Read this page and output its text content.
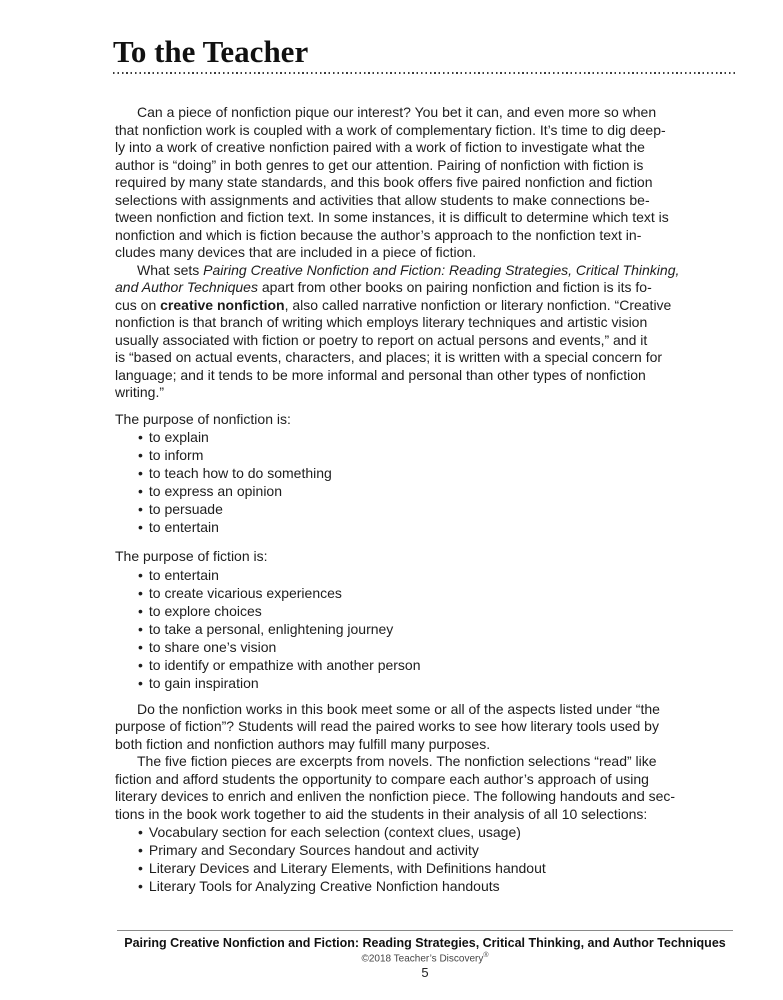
To the Teacher
Can a piece of nonfiction pique our interest? You bet it can, and even more so when
that nonfiction work is coupled with a work of complementary fiction. It’s time to dig deep-
ly into a work of creative nonfiction paired with a work of fiction to investigate what the
author is “doing” in both genres to get our attention. Pairing of nonfiction with fiction is
required by many state standards, and this book offers five paired nonfiction and fiction
selections with assignments and activities that allow students to make connections be-
tween nonfiction and fiction text. In some instances, it is difficult to determine which text is
nonfiction and which is fiction because the author’s approach to the nonfiction text in-
cludes many devices that are included in a piece of fiction.
What sets Pairing Creative Nonfiction and Fiction: Reading Strategies, Critical Thinking,
and Author Techniques apart from other books on pairing nonfiction and fiction is its fo-
cus on creative nonfiction, also called narrative nonfiction or literary nonfiction. “Creative
nonfiction is that branch of writing which employs literary techniques and artistic vision
usually associated with fiction or poetry to report on actual persons and events,” and it
is “based on actual events, characters, and places; it is written with a special concern for
language; and it tends to be more informal and personal than other types of nonfiction
writing.”
The purpose of nonfiction is:
• to explain
• to inform
• to teach how to do something
• to express an opinion
• to persuade
• to entertain
The purpose of fiction is:
• to entertain
• to create vicarious experiences
• to explore choices
• to take a personal, enlightening journey
• to share one’s vision
• to identify or empathize with another person
• to gain inspiration
Do the nonfiction works in this book meet some or all of the aspects listed under “the
purpose of fiction”? Students will read the paired works to see how literary tools used by
both fiction and nonfiction authors may fulfill many purposes.
The five fiction pieces are excerpts from novels. The nonfiction selections “read” like
fiction and afford students the opportunity to compare each author’s approach of using
literary devices to enrich and enliven the nonfiction piece. The following handouts and sec-
tions in the book work together to aid the students in their analysis of all 10 selections:
• Vocabulary section for each selection (context clues, usage)
• Primary and Secondary Sources handout and activity
• Literary Devices and Literary Elements, with Definitions handout
• Literary Tools for Analyzing Creative Nonfiction handouts
Pairing Creative Nonfiction and Fiction: Reading Strategies, Critical Thinking, and Author Techniques
©2018 Teacher’s Discovery®
5
